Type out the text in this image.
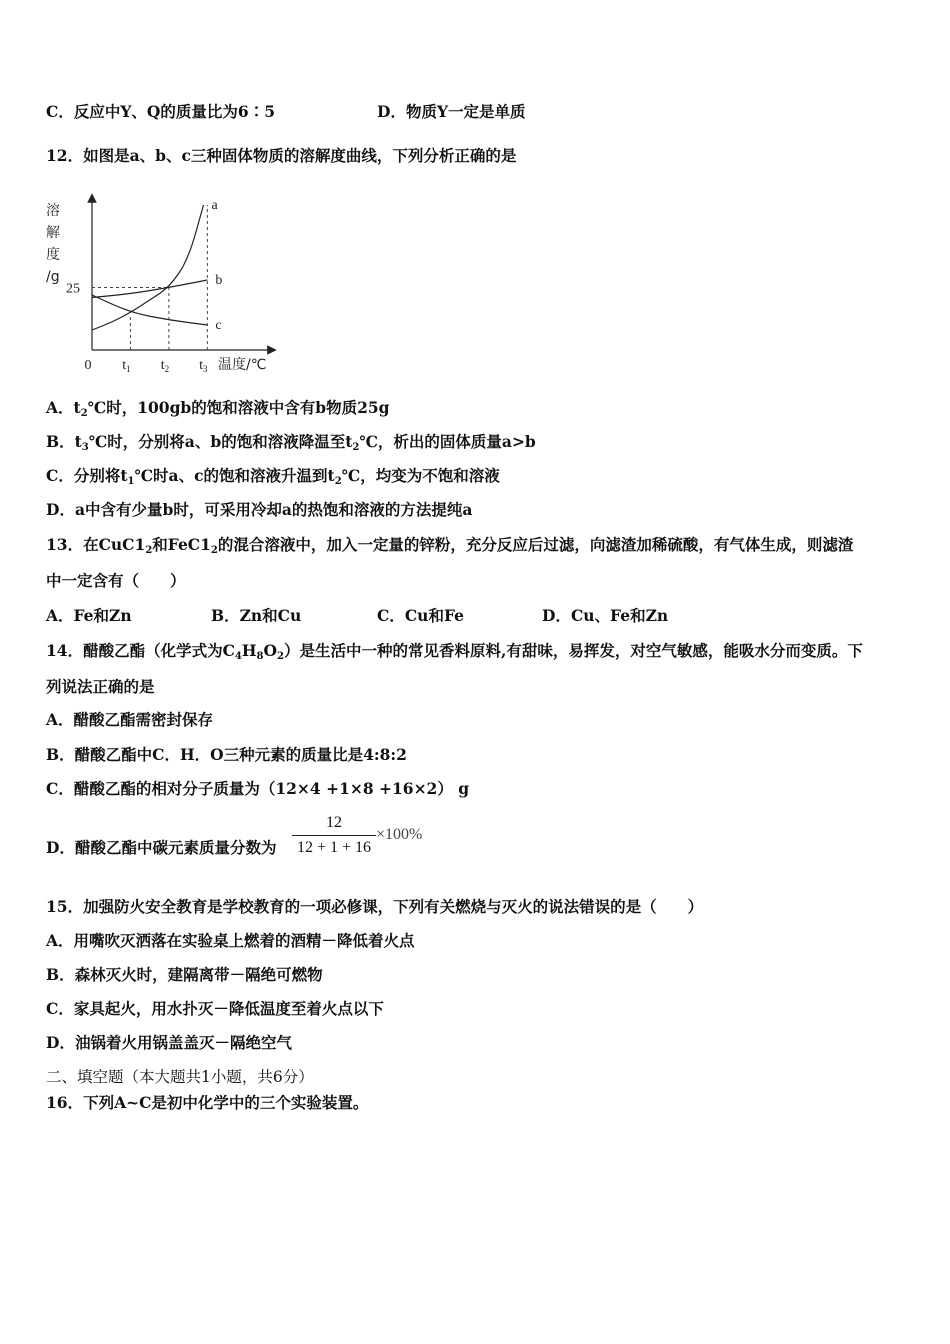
C．反应中Y、Q的质量比为6∶5	D．物质Y一定是单质
12．如图是a、b、c三种固体物质的溶解度曲线，下列分析正确的是
溶
解
度
/g
0 $t_1$ $t_2$ $t_3$ 温度/℃
25
a
b
c
A．$t_2℃$时，100gb的饱和溶液中含有b物质25g
B．$t_3℃$时，分别将a、b的饱和溶液降温至$t_2℃$，析出的固体质量a>b
C．分别将$t_1℃$时a、c的饱和溶液升温到$t_2℃$，均变为不饱和溶液
D．a中含有少量b时，可采用冷却a的热饱和溶液的方法提纯a
13．在$CuC1_2$和$FeC1_2$的混合溶液中，加入一定量的锌粉，充分反应后过滤，向滤渣加稀硫酸，有气体生成，则滤渣
中一定含有（　　）
A．Fe和Zn	B．Zn和Cu	C．Cu和Fe	D．Cu、Fe和Zn
14．醋酸乙酯（化学式为$C_4H_8O_2$）是生活中一种的常见香料原料,有甜味，易挥发，对空气敏感，能吸水分而变质。下
列说法正确的是
A．醋酸乙酯需密封保存
B．醋酸乙酯中C．H．O三种元素的质量比是4:8:2
C．醋酸乙酯的相对分子质量为（12×4 +1×8 +16×2） g
D．醋酸乙酯中碳元素质量分数为
12
12 + 1 + 16
×100%
15．加强防火安全教育是学校教育的一项必修课，下列有关燃烧与灭火的说法错误的是（　　）
A．用嘴吹灭洒落在实验桌上燃着的酒精－降低着火点
B．森林灭火时，建隔离带－隔绝可燃物
C．家具起火，用水扑灭－降低温度至着火点以下
D．油锅着火用锅盖盖灭－隔绝空气
二、填空题（本大题共1小题，共6分）
16．下列A~C是初中化学中的三个实验装置。
